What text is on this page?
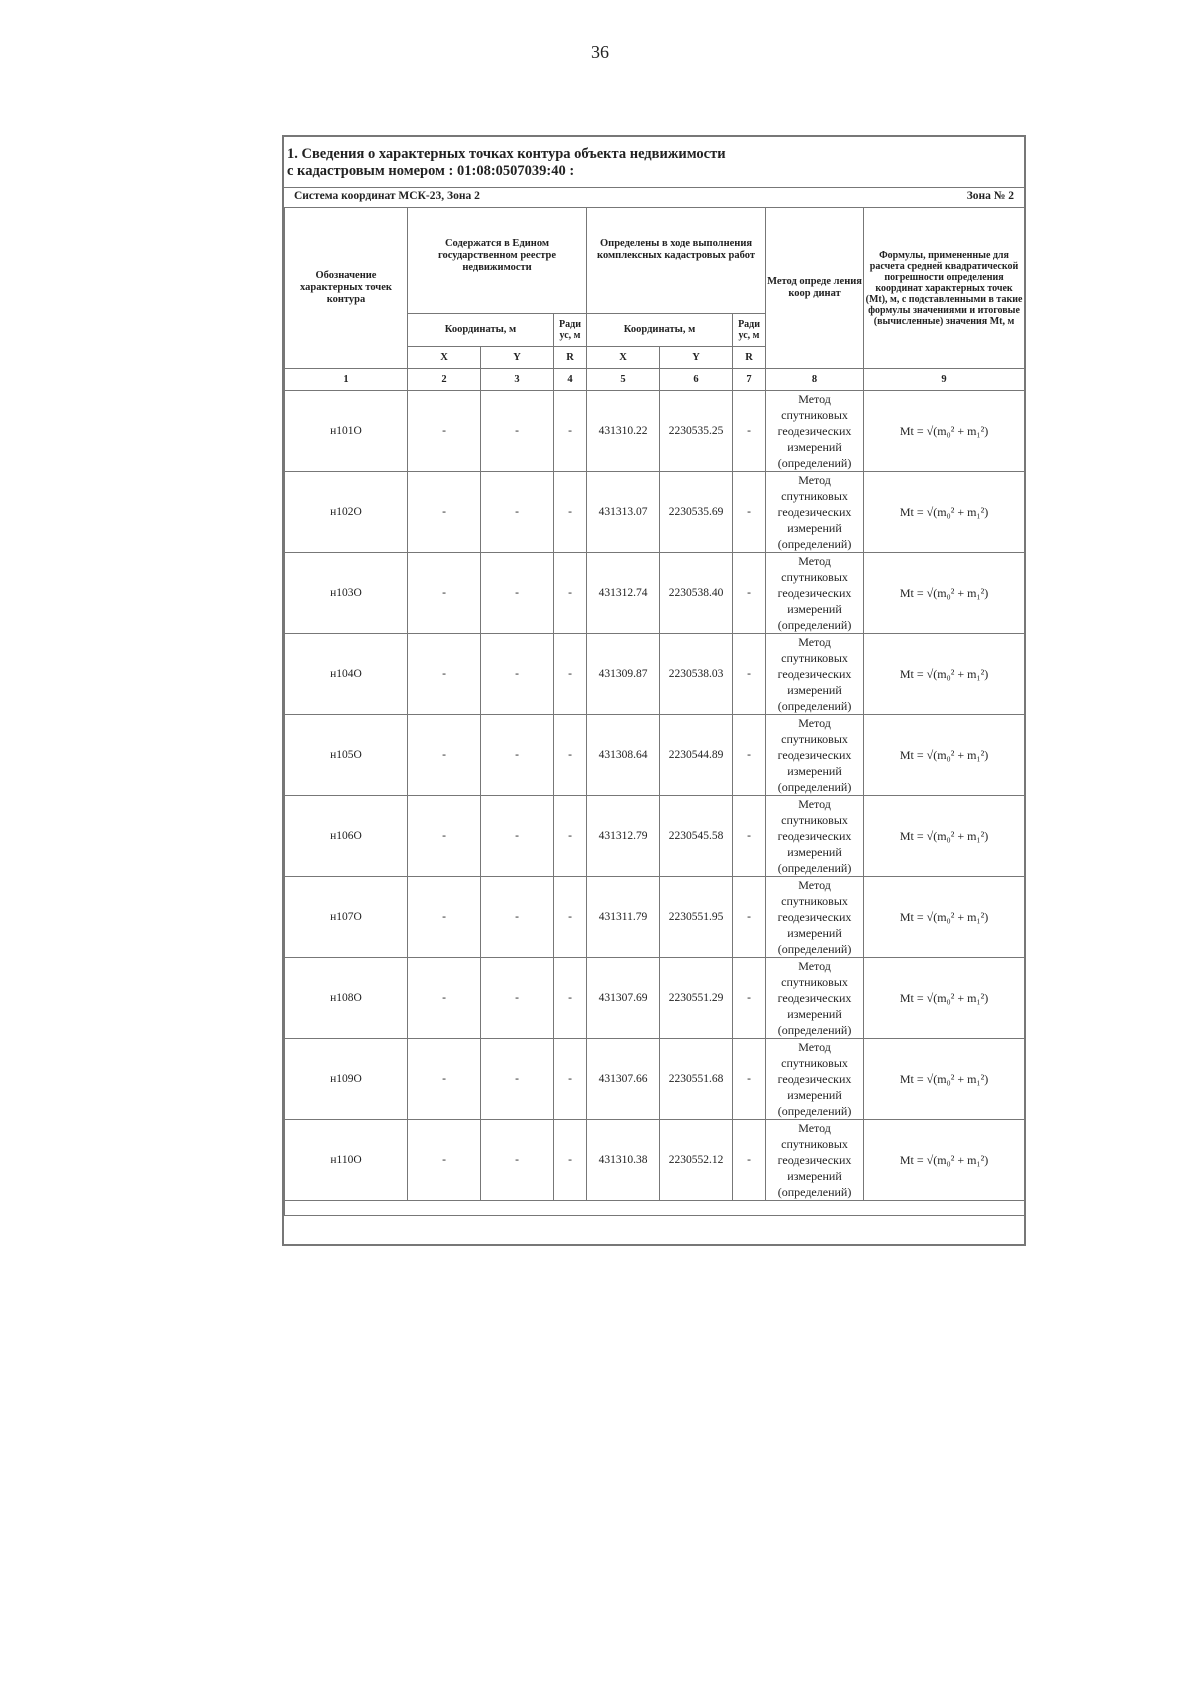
36
1. Сведения о характерных точках контура объекта недвижимости
с кадастровым номером : 01:08:0507039:40 :
Система координат МСК-23, Зона 2	Зона № 2
Обозначение характерных точек контура	Содержатся в Едином государственном реестре недвижимости			Определены в ходе выполнения комплексных кадастровых работ			Метод опреде ления коор динат	Формулы, примененные для расчета средней квадратической погрешности определения координат характерных точек (Mt), м, с подставленными в такие формулы значениями и итоговые (вычисленные) значения Mt, м
	Координаты, м		Ради ус, м	Координаты, м		Ради ус, м		
	X	Y	R	X	Y	R		
1	2	3	4	5	6	7	8	9
н101О	-	-	-	431310.22	2230535.25	-	Метод спутниковых геодезических измерений (определений)	Mt = √(m₀² + m₁²)
н102О	-	-	-	431313.07	2230535.69	-	Метод спутниковых геодезических измерений (определений)	Mt = √(m₀² + m₁²)
н103О	-	-	-	431312.74	2230538.40	-	Метод спутниковых геодезических измерений (определений)	Mt = √(m₀² + m₁²)
н104О	-	-	-	431309.87	2230538.03	-	Метод спутниковых геодезических измерений (определений)	Mt = √(m₀² + m₁²)
н105О	-	-	-	431308.64	2230544.89	-	Метод спутниковых геодезических измерений (определений)	Mt = √(m₀² + m₁²)
н106О	-	-	-	431312.79	2230545.58	-	Метод спутниковых геодезических измерений (определений)	Mt = √(m₀² + m₁²)
н107О	-	-	-	431311.79	2230551.95	-	Метод спутниковых геодезических измерений (определений)	Mt = √(m₀² + m₁²)
н108О	-	-	-	431307.69	2230551.29	-	Метод спутниковых геодезических измерений (определений)	Mt = √(m₀² + m₁²)
н109О	-	-	-	431307.66	2230551.68	-	Метод спутниковых геодезических измерений (определений)	Mt = √(m₀² + m₁²)
н110О	-	-	-	431310.38	2230552.12	-	Метод спутниковых геодезических измерений (определений)	Mt = √(m₀² + m₁²)
